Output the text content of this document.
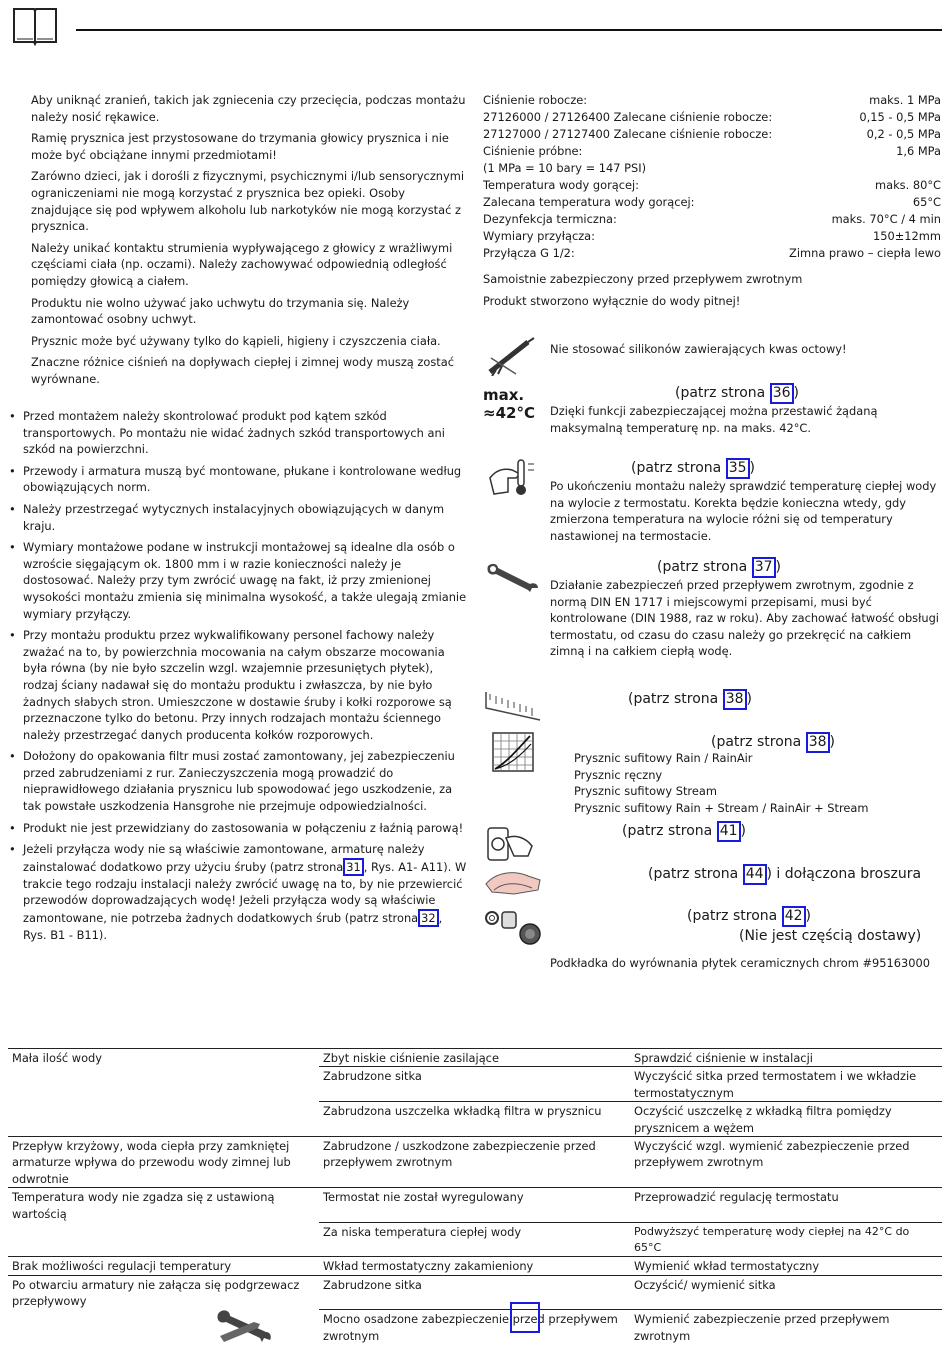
Aby uniknąć zranień, takich jak zgniecenia czy przecięcia, podczas montażu należy nosić rękawice.

Ramię prysznica jest przystosowane do trzymania głowicy prysznica i nie może być obciążane innymi przedmiotami!

Zarówno dzieci, jak i dorośli z fizycznymi, psychicznymi i/lub sensorycznymi ograniczeniami nie mogą korzystać z prysznica bez opieki. Osoby znajdujące się pod wpływem alkoholu lub narkotyków nie mogą korzystać z prysznica.

Należy unikać kontaktu strumienia wypływającego z głowicy z wrażliwymi częściami ciała (np. oczami). Należy zachowywać odpowiednią odległość pomiędzy głowicą a ciałem.

Produktu nie wolno używać jako uchwytu do trzymania się. Należy zamontować osobny uchwyt.

Prysznic może być używany tylko do kąpieli, higieny i czyszczenia ciała.

Znaczne różnice ciśnień na dopływach ciepłej i zimnej wody muszą zostać wyrównane.

• Przed montażem należy skontrolować produkt pod kątem szkód transportowych. Po montażu nie widać żadnych szkód transportowych ani szkód na powierzchni.
• Przewody i armatura muszą być montowane, płukane i kontrolowane według obowiązujących norm.
• Należy przestrzegać wytycznych instalacyjnych obowiązujących w danym kraju.
• Wymiary montażowe podane w instrukcji montażowej są idealne dla osób o wzroście sięgającym ok. 1800 mm i w razie konieczności należy je dostosować. Należy przy tym zwrócić uwagę na fakt, iż przy zmienionej wysokości montażu zmienia się minimalna wysokość, a także ulegają zmianie wymiary przyłączy.
• Przy montażu produktu przez wykwalifikowany personel fachowy należy zważać na to, by powierzchnia mocowania na całym obszarze mocowania była równa (by nie było szczelin wzgl. wzajemnie przesuniętych płytek), rodzaj ściany nadawał się do montażu produktu i zwłaszcza, by nie było żadnych słabych stron. Umieszczone w dostawie śruby i kołki rozporowe są przeznaczone tylko do betonu. Przy innych rodzajach montażu ściennego należy przestrzegać danych producenta kołków rozporowych.
• Dołożony do opakowania filtr musi zostać zamontowany, jej zabezpieczeniu przed zabrudzeniami z rur. Zanieczyszczenia mogą prowadzić do nieprawidłowego działania prysznicu lub spowodować jego uszkodzenie, za tak powstałe uszkodzenia Hansgrohe nie przejmuje odpowiedzialności.
• Produkt nie jest przewidziany do zastosowania w połączeniu z łaźnią parową!
• Jeżeli przyłącza wody nie są właściwie zamontowane, armaturę należy zainstalować dodatkowo przy użyciu śruby (patrz strona 31 , Rys. A1- A11). W trakcie tego rodzaju instalacji należy zwrócić uwagę na to, by nie przewiercić przewodów doprowadzających wodę! Jeżeli przyłącza wody są właściwie zamontowane, nie potrzeba żadnych dodatkowych śrub (patrz strona 32 , Rys. B1 - B11).
Ciśnienie robocze:	maks. 1 MPa
27126000 / 27126400 Zalecane ciśnienie robocze:	0,15 - 0,5 MPa
27127000 / 27127400 Zalecane ciśnienie robocze:	0,2 - 0,5 MPa
Ciśnienie próbne:	1,6 MPa
(1 MPa = 10 bary = 147 PSI)
Temperatura wody gorącej:	maks. 80°C
Zalecana temperatura wody gorącej:	65°C
Dezynfekcja termiczna:	maks. 70°C / 4 min
Wymiary przyłącza:	150±12mm
Przyłącza G 1/2:	Zimna prawo – ciepła lewo

Samoistnie zabezpieczony przed przepływem zwrotnym

Produkt stworzono wyłącznie do wody pitnej!

Nie stosować silikonów zawierających kwas octowy!
max.
≈42°C
(patrz strona 36 )
Dzięki funkcji zabezpieczającej można przestawić żądaną maksymalną temperaturę np. na maks. 42°C.
(patrz strona 35 )
Po ukończeniu montażu należy sprawdzić temperaturę ciepłej wody na wylocie z termostatu. Korekta będzie konieczna wtedy, gdy zmierzona temperatura na wylocie różni się od temperatury nastawionej na termostacie.
(patrz strona 37 )
Działanie zabezpieczeń przed przepływem zwrotnym, zgodnie z normą DIN EN 1717 i miejscowymi przepisami, musi być kontrolowane (DIN 1988, raz w roku). Aby zachować łatwość obsługi termostatu, od czasu do czasu należy go przekręcić na całkiem zimną i na całkiem ciepłą wodę.
(patrz strona 38 )
(patrz strona 38 )
Prysznic sufitowy Rain / RainAir
Prysznic ręczny
Prysznic sufitowy Stream
Prysznic sufitowy Rain + Stream / RainAir + Stream
(patrz strona 41 )
(patrz strona 44 ) i dołączona broszura
(patrz strona 42 )
(Nie jest częścią dostawy)
Podkładka do wyrównania płytek ceramicznych chrom #95163000
Mała ilość wody	Zbyt niskie ciśnienie zasilające	Sprawdzić ciśnienie w instalacji
	Zabrudzone sitka	Wyczyścić sitka przed termostatem i we wkładzie termostatycznym
	Zabrudzona uszczelka wkładką filtra w prysznicu	Oczyścić uszczelkę z wkładką filtra pomiędzy prysznicem a wężem
Przepływ krzyżowy, woda ciepła przy zamkniętej armaturze wpływa do przewodu wody zimnej lub odwrotnie	Zabrudzone / uszkodzone zabezpieczenie przed przepływem zwrotnym	Wyczyścić wzgl. wymienić zabezpieczenie przed przepływem zwrotnym
Temperatura wody nie zgadza się z ustawioną wartością	Termostat nie został wyregulowany	Przeprowadzić regulację termostatu
	Za niska temperatura ciepłej wody	Podwyższyć temperaturę wody ciepłej na 42°C do 65°C
Brak możliwości regulacji temperatury	Wkład termostatyczny zakamieniony	Wymienić wkład termostatyczny
Po otwarciu armatury nie załącza się podgrzewacz przepływowy	Zabrudzone sitka	Oczyścić/ wymienić sitka
	Mocno osadzone zabezpieczenie przed przepływem zwrotnym	Wymienić zabezpieczenie przed przepływem zwrotnym
